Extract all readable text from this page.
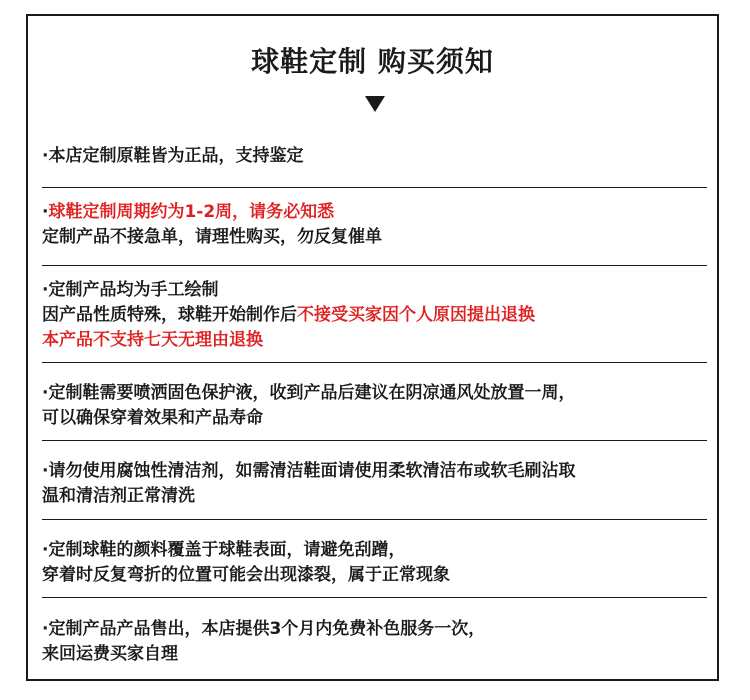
球鞋定制 购买须知

·本店定制原鞋皆为正品，支持鉴定

·球鞋定制周期约为1-2周，请务必知悉

定制产品不接急单，请理性购买，勿反复催单

·定制产品均为手工绘制

因产品性质特殊，球鞋开始制作后不接受买家因个人原因提出退换

本产品不支持七天无理由退换

·定制鞋需要喷洒固色保护液，收到产品后建议在阴凉通风处放置一周，

可以确保穿着效果和产品寿命

·请勿使用腐蚀性清洁剂，如需清洁鞋面请使用柔软清洁布或软毛刷沾取

温和清洁剂正常清洗

·定制球鞋的颜料覆盖于球鞋表面，请避免刮蹭，

穿着时反复弯折的位置可能会出现漆裂，属于正常现象

·定制产品产品售出，本店提供3个月内免费补色服务一次，

来回运费买家自理
